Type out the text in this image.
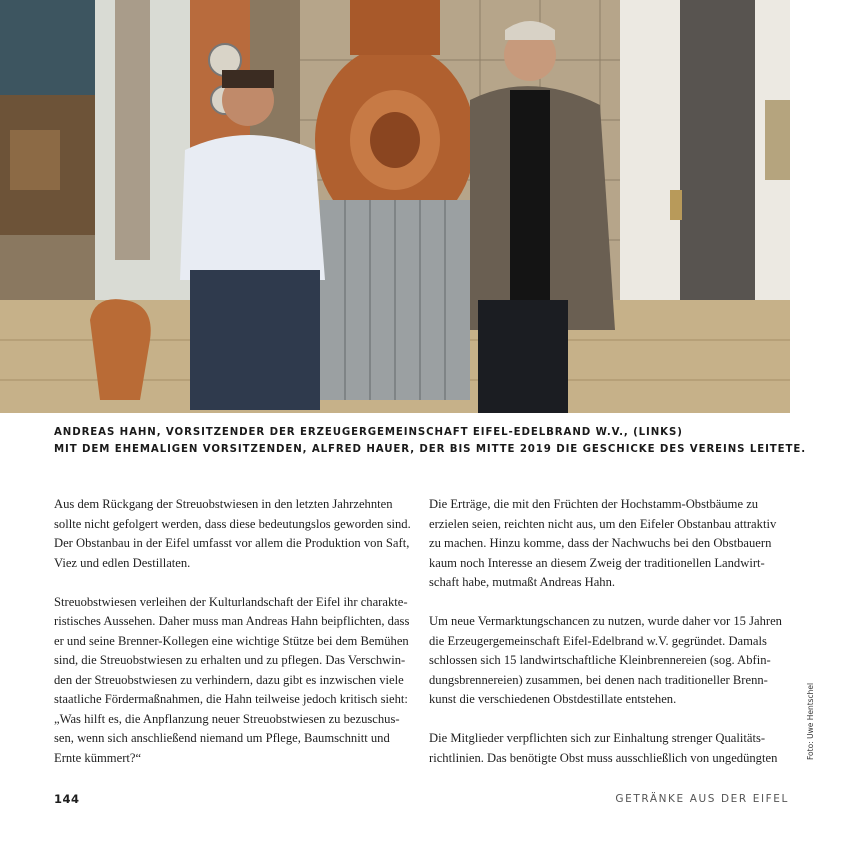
ANDREAS HAHN, VORSITZENDER DER ERZEUGERGEMEINSCHAFT EIFEL-EDELBRAND W.V., (LINKS)
MIT DEM EHEMALIGEN VORSITZENDEN, ALFRED HAUER, DER BIS MITTE 2019 DIE GESCHICKE DES VEREINS LEITETE.
Aus dem Rückgang der Streuobstwiesen in den letzten Jahrzehnten
sollte nicht gefolgert werden, dass diese bedeutungslos geworden sind.
Der Obstanbau in der Eifel umfasst vor allem die Produktion von Saft,
Viez und edlen Destillaten.
Streuobstwiesen verleihen der Kulturlandschaft der Eifel ihr charakte-
ristisches Aussehen. Daher muss man Andreas Hahn beipflichten, dass
er und seine Brenner-Kollegen eine wichtige Stütze bei dem Bemühen
sind, die Streuobstwiesen zu erhalten und zu pflegen. Das Verschwin-
den der Streuobstwiesen zu verhindern, dazu gibt es inzwischen viele
staatliche Fördermaßnahmen, die Hahn teilweise jedoch kritisch sieht:
„Was hilft es, die Anpflanzung neuer Streuobstwiesen zu bezuschus-
sen, wenn sich anschließend niemand um Pflege, Baumschnitt und
Ernte kümmert?“
Die Erträge, die mit den Früchten der Hochstamm-Obstbäume zu
erzielen seien, reichten nicht aus, um den Eifeler Obstanbau attraktiv
zu machen. Hinzu komme, dass der Nachwuchs bei den Obstbauern
kaum noch Interesse an diesem Zweig der traditionellen Landwirt-
schaft habe, mutmaßt Andreas Hahn.
Um neue Vermarktungschancen zu nutzen, wurde daher vor 15 Jahren
die Erzeugergemeinschaft Eifel-Edelbrand w.V. gegründet. Damals
schlossen sich 15 landwirtschaftliche Kleinbrennereien (sog. Abfin-
dungsbrennereien) zusammen, bei denen nach traditioneller Brenn-
kunst die verschiedenen Obstdestillate entstehen.
Die Mitglieder verpflichten sich zur Einhaltung strenger Qualitäts-
richtlinien. Das benötigte Obst muss ausschließlich von ungedüngten	Foto: Uwe Hentschel
144	GETRÄNKE AUS DER EIFEL
